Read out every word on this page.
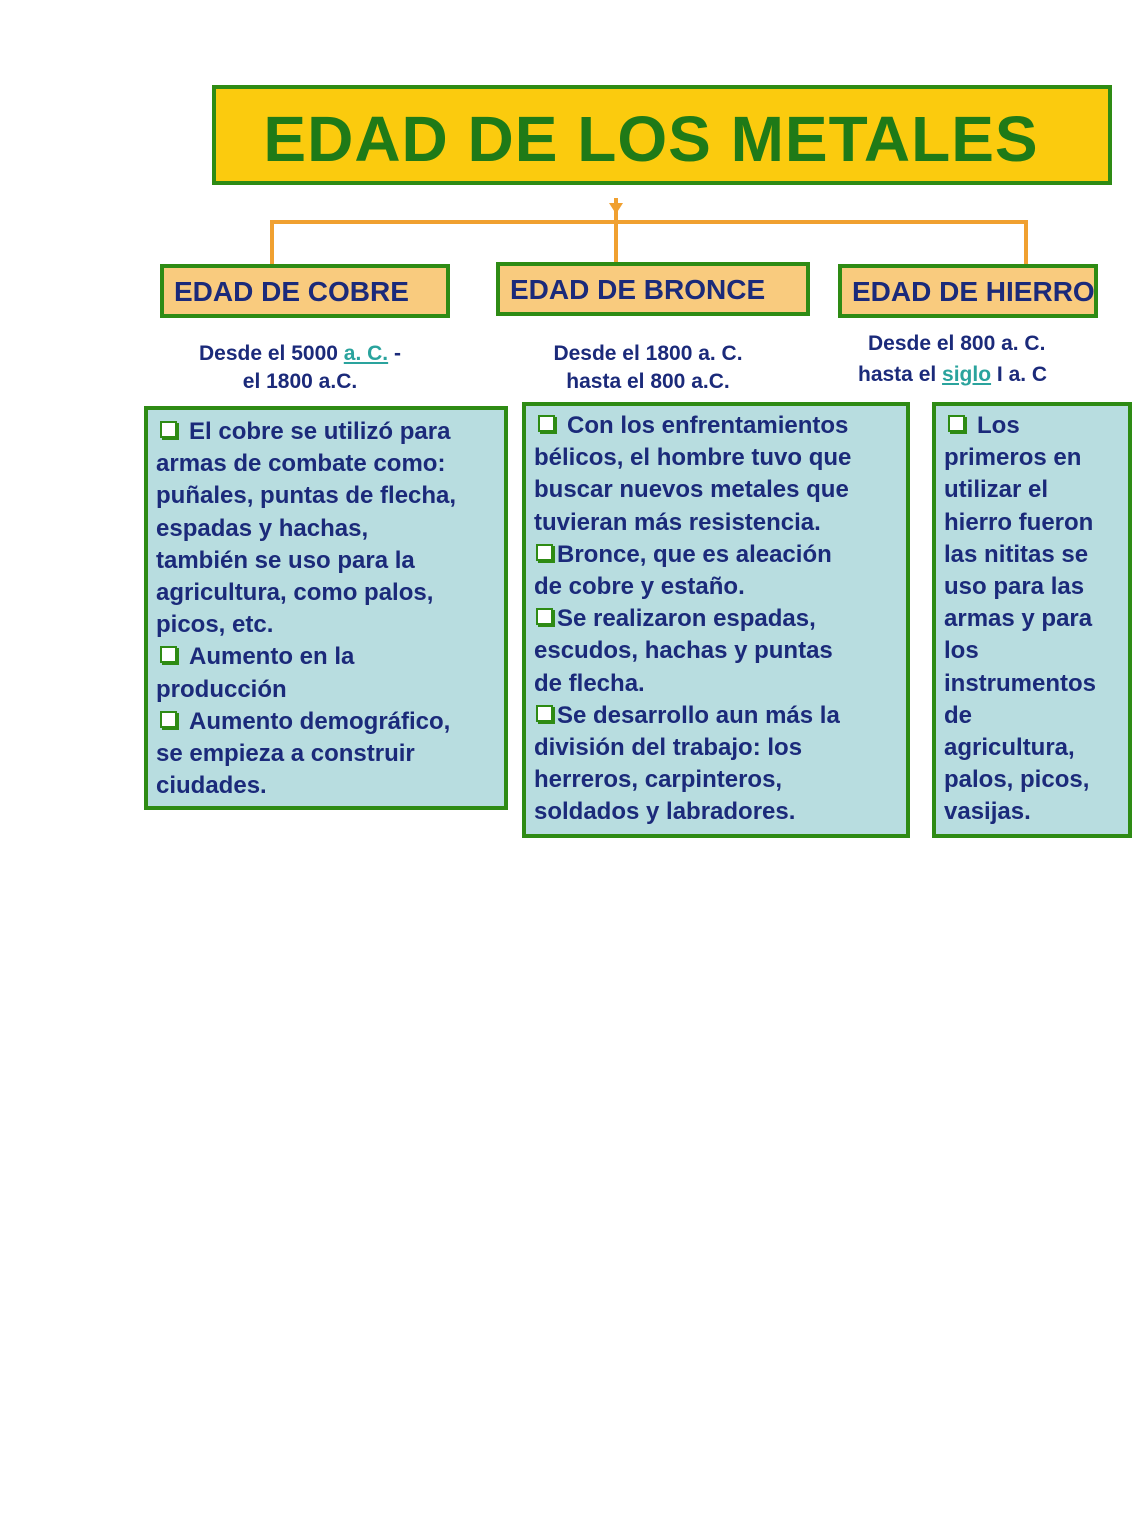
EDAD DE LOS METALES
EDAD DE COBRE	EDAD DE BRONCE	EDAD DE HIERRO
Desde el 5000 a. C. -
el 1800 a.C.
Desde el 1800 a. C.
hasta el 800 a.C.
Desde el 800 a. C.
hasta el siglo I a. C
El cobre se utilizó para
armas de combate como:
puñales, puntas de flecha,
espadas y hachas,
también se uso para la
agricultura, como palos,
picos, etc.
Aumento en la
producción
Aumento demográfico,
se empieza a construir
ciudades.
Con los enfrentamientos
bélicos, el hombre tuvo que
buscar nuevos metales que
tuvieran más resistencia.
Bronce, que es aleación
de cobre y estaño.
Se realizaron espadas,
escudos, hachas y puntas
de flecha.
Se desarrollo aun más la
división del trabajo: los
herreros, carpinteros,
soldados y labradores.
Los
primeros en
utilizar el
hierro fueron
las nititas se
uso para las
armas y para
los
instrumentos
de
agricultura,
palos, picos,
vasijas.
